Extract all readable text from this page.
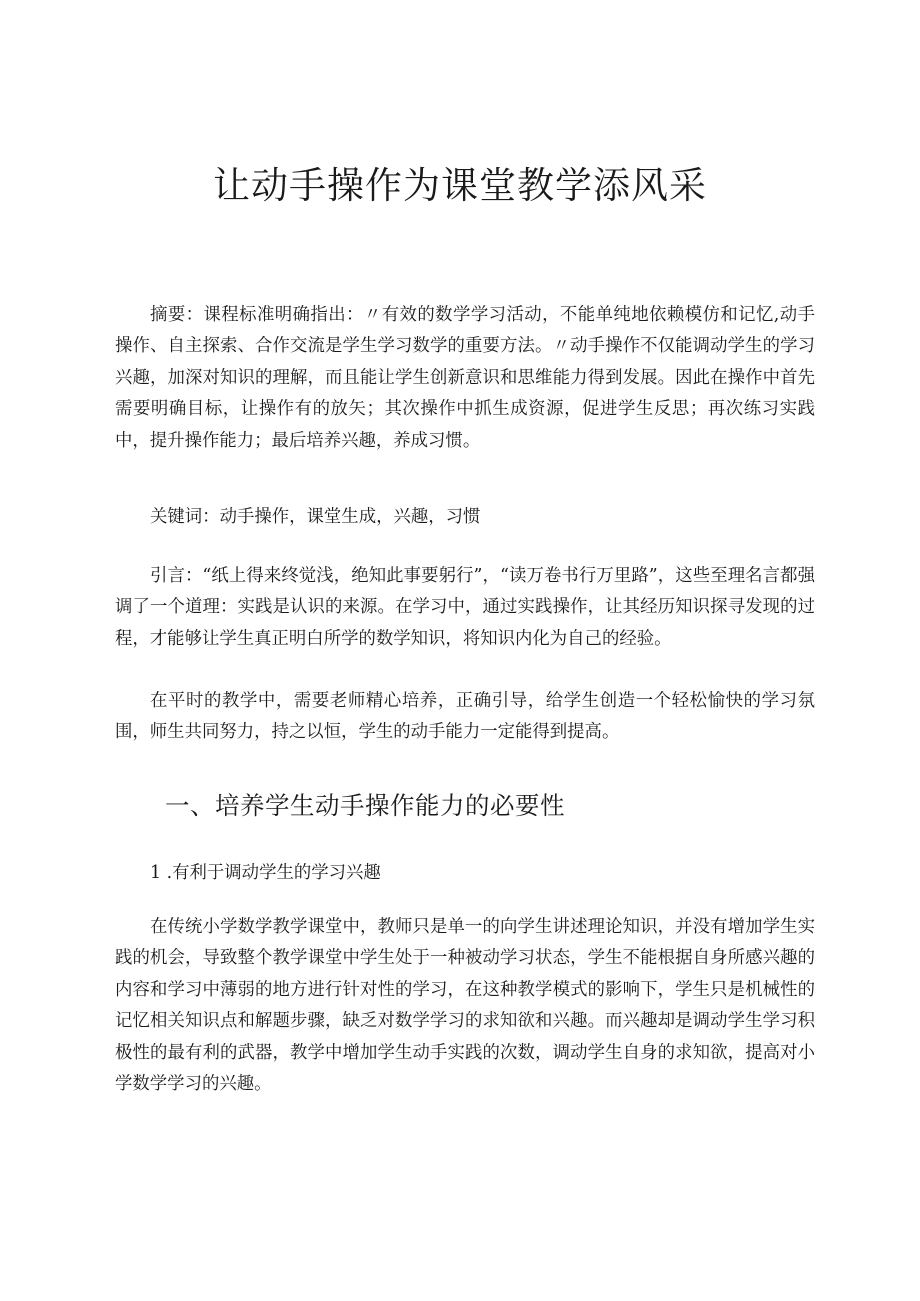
让动手操作为课堂教学添风采

摘要：课程标准明确指出：〃有效的数学学习活动，不能单纯地依赖模仿和记忆,动手操作、自主探索、合作交流是学生学习数学的重要方法。〃动手操作不仅能调动学生的学习兴趣，加深对知识的理解，而且能让学生创新意识和思维能力得到发展。因此在操作中首先需要明确目标，让操作有的放矢；其次操作中抓生成资源，促进学生反思；再次练习实践中，提升操作能力；最后培养兴趣，养成习惯。

关键词：动手操作，课堂生成，兴趣，习惯

引言：“纸上得来终觉浅，绝知此事要躬行”，“读万卷书行万里路”，这些至理名言都强调了一个道理：实践是认识的来源。在学习中，通过实践操作，让其经历知识探寻发现的过程，才能够让学生真正明白所学的数学知识，将知识内化为自己的经验。

在平时的教学中，需要老师精心培养，正确引导，给学生创造一个轻松愉快的学习氛围，师生共同努力，持之以恒，学生的动手能力一定能得到提高。

一、培养学生动手操作能力的必要性
1 .有利于调动学生的学习兴趣

在传统小学数学教学课堂中，教师只是单一的向学生讲述理论知识，并没有增加学生实践的机会，导致整个教学课堂中学生处于一种被动学习状态，学生不能根据自身所感兴趣的内容和学习中薄弱的地方进行针对性的学习，在这种教学模式的影响下，学生只是机械性的记忆相关知识点和解题步骤，缺乏对数学学习的求知欲和兴趣。而兴趣却是调动学生学习积极性的最有利的武器，教学中增加学生动手实践的次数，调动学生自身的求知欲，提高对小学数学学习的兴趣。
